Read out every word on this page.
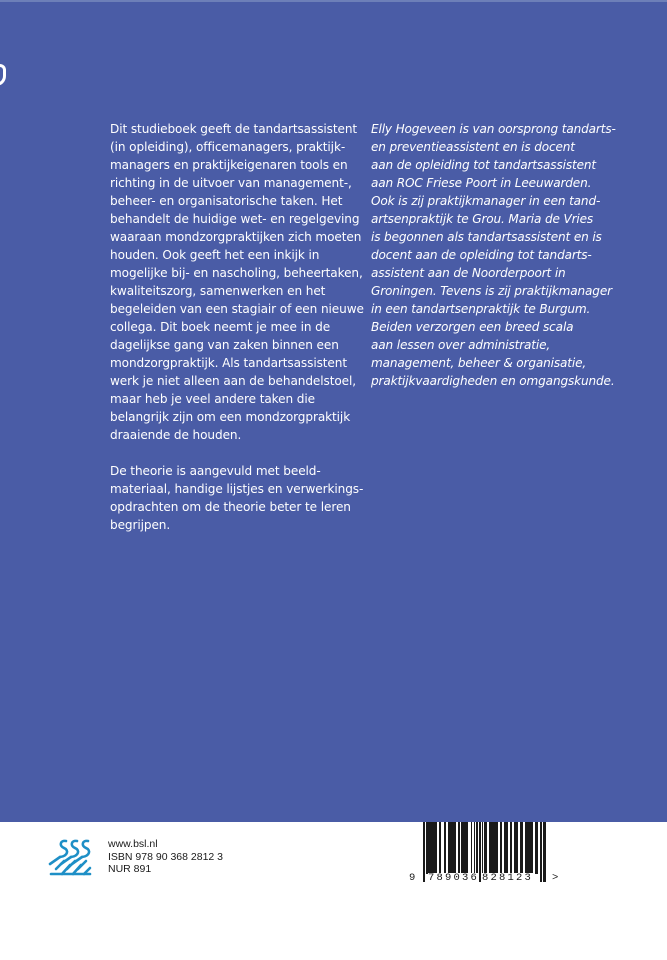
Dit studieboek geeft de tandartsassistent
(in opleiding), officemanagers, praktijk-
managers en praktijkeigenaren tools en
richting in de uitvoer van management-,
beheer- en organisatorische taken. Het
behandelt de huidige wet- en regelgeving
waaraan mondzorgpraktijken zich moeten
houden. Ook geeft het een inkijk in
mogelijke bij- en nascholing, beheertaken,
kwaliteitszorg, samenwerken en het
begeleiden van een stagiair of een nieuwe
collega. Dit boek neemt je mee in de
dagelijkse gang van zaken binnen een
mondzorgpraktijk. Als tandartsassistent
werk je niet alleen aan de behandelstoel,
maar heb je veel andere taken die
belangrijk zijn om een mondzorgpraktijk
draaiende de houden.

De theorie is aangevuld met beeld-
materiaal, handige lijstjes en verwerkings-
opdrachten om de theorie beter te leren
begrijpen.

Elly Hogeveen is van oorsprong tandarts-
en preventieassistent en is docent
aan de opleiding tot tandartsassistent
aan ROC Friese Poort in Leeuwarden.
Ook is zij praktijkmanager in een tand-
artsenpraktijk te Grou. Maria de Vries
is begonnen als tandartsassistent en is
docent aan de opleiding tot tandarts-
assistent aan de Noorderpoort in
Groningen. Tevens is zij praktijkmanager
in een tandartsenpraktijk te Burgum.
Beiden verzorgen een breed scala
aan lessen over administratie,
management, beheer & organisatie,
praktijkvaardigheden en omgangskunde.

www.bsl.nl
ISBN 978 90 368 2812 3
NUR 891
9 789036 828123 >
